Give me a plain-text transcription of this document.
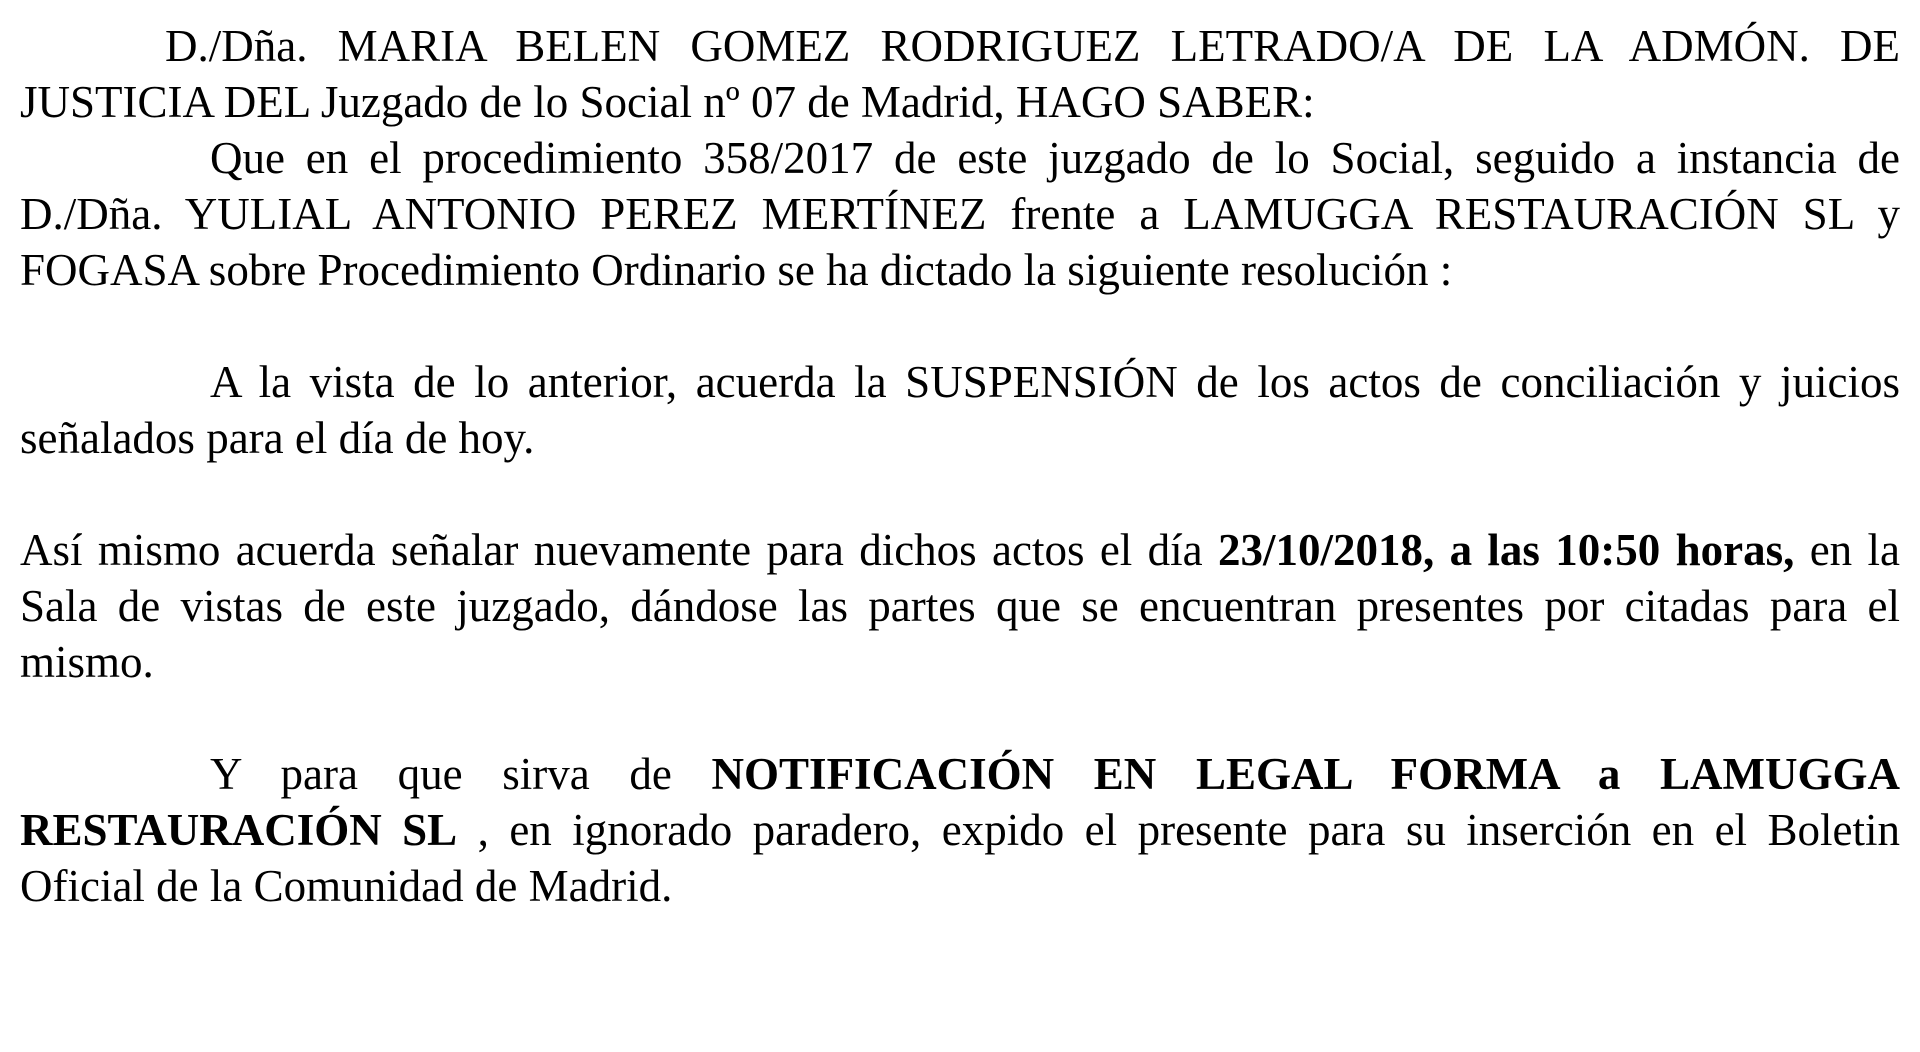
D./Dña. MARIA BELEN GOMEZ RODRIGUEZ LETRADO/A DE LA ADMÓN. DE JUSTICIA DEL Juzgado de lo Social nº 07 de Madrid, HAGO SABER:

Que en el procedimiento 358/2017 de este juzgado de lo Social, seguido a instancia de D./Dña. YULIAL ANTONIO PEREZ MERTÍNEZ frente a LAMUGGA RESTAURACIÓN SL y FOGASA sobre Procedimiento Ordinario se ha dictado la siguiente resolución :

A la vista de lo anterior, acuerda la SUSPENSIÓN de los actos de conciliación y juicios señalados para el día de hoy.

Así mismo acuerda señalar nuevamente para dichos actos el día 23/10/2018, a las 10:50 horas, en la Sala de vistas de este juzgado, dándose las partes que se encuentran presentes por citadas para el mismo.

Y para que sirva de NOTIFICACIÓN EN LEGAL FORMA a LAMUGGA RESTAURACIÓN SL , en ignorado paradero, expido el presente para su inserción en el Boletin Oficial de la Comunidad de Madrid.
